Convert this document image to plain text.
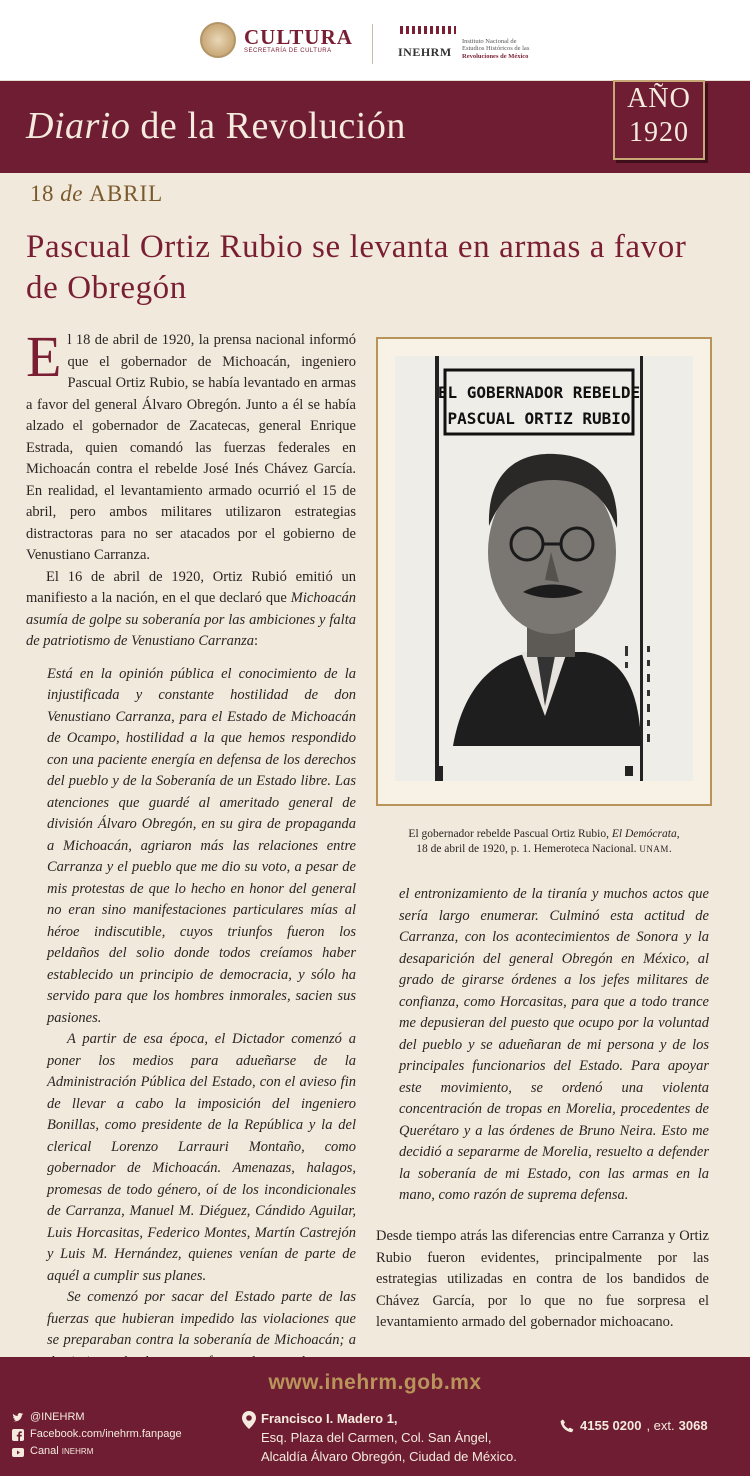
CULTURA
SECRETARÍA DE CULTURA	INEHRM
Instituto Nacional de
Estudios Históricos de las
Revoluciones de México
Diario de la Revolución
AÑO
1920
18 de ABRIL
Pascual Ortiz Rubio se levanta en armas a favor de Obregón

E l 18 de abril de 1920, la prensa nacional informó que el gobernador de Michoacán, ingeniero Pascual Ortiz Rubio, se había levantado en armas a favor del general Álvaro Obregón. Junto a él se había alzado el gobernador de Zacatecas, general Enrique Estrada, quien comandó las fuerzas federales en Michoacán contra el rebelde José Inés Chávez García. En realidad, el levantamiento armado ocurrió el 15 de abril, pero ambos militares utilizaron estrategias distractoras para no ser atacados por el gobierno de Venustiano Carranza.

El 16 de abril de 1920, Ortiz Rubió emitió un manifiesto a la nación, en el que declaró que Michoacán asumía de golpe su soberanía por las ambiciones y falta de patriotismo de Venustiano Carranza:

Está en la opinión pública el conocimiento de la injustificada y constante hostilidad de don Venustiano Carranza, para el Estado de Michoacán de Ocampo, hostilidad a la que hemos respondido con una paciente energía en defensa de los derechos del pueblo y de la Soberanía de un Estado libre. Las atenciones que guardé al ameritado general de división Álvaro Obregón, en su gira de propaganda a Michoacán, agriaron más las relaciones entre Carranza y el pueblo que me dio su voto, a pesar de mis protestas de que lo hecho en honor del general no eran sino manifestaciones particulares mías al héroe indiscutible, cuyos triunfos fueron los peldaños del solio donde todos creíamos haber establecido un principio de democracia, y sólo ha servido para que los hombres inmorales, sacien sus pasiones.

A partir de esa época, el Dictador comenzó a poner los medios para adueñarse de la Administración Pública del Estado, con el avieso fin de llevar a cabo la imposición del ingeniero Bonillas, como presidente de la República y la del clerical Lorenzo Larrauri Montaño, como gobernador de Michoacán. Amenazas, halagos, promesas de todo género, oí de los incondicionales de Carranza, Manuel M. Diéguez, Cándido Aguilar, Luis Horcasitas, Federico Montes, Martín Castrejón y Luis M. Hernández, quienes venían de parte de aquél a cumplir sus planes.

Se comenzó por sacar del Estado parte de las fuerzas que hubieran impedido las violaciones que se preparaban contra la soberanía de Michoacán; a

EL GOBERNADOR REBELDE
PASCUAL ORTIZ RUBIO
El gobernador rebelde Pascual Ortiz Rubio, El Demócrata,
18 de abril de 1920, p. 1. Hemeroteca Nacional. UNAM.

el entronizamiento de la tiranía y muchos actos que sería largo enumerar. Culminó esta actitud de Carranza, con los acontecimientos de Sonora y la desaparición del general Obregón en México, al grado de girarse órdenes a los jefes militares de confianza, como Horcasitas, para que a todo trance me depusieran del puesto que ocupo por la voluntad del pueblo y se adueñaran de mi persona y de los principales funcionarios del Estado. Para apoyar este movimiento, se ordenó una violenta concentración de tropas en Morelia, procedentes de Querétaro y a las órdenes de Bruno Neira. Esto me decidió a separarme de Morelia, resuelto a defender la soberanía de mi Estado, con las armas en la mano, como razón de suprema defensa.

Desde tiempo atrás las diferencias entre Carranza y Ortiz Rubio fueron evidentes, principalmente por las estrategias utilizadas en contra de los bandidos de Chávez García, por lo que no fue sorpresa el levantamiento armado del gobernador michoacano.

www.inehrm.gob.mx
@INEHRM
Facebook.com/inehrm.fanpage
Canal INEHRM
Francisco I. Madero 1,
Esq. Plaza del Carmen, Col. San Ángel,
Alcaldía Álvaro Obregón, Ciudad de México.
4155 0200 , ext. 3068
